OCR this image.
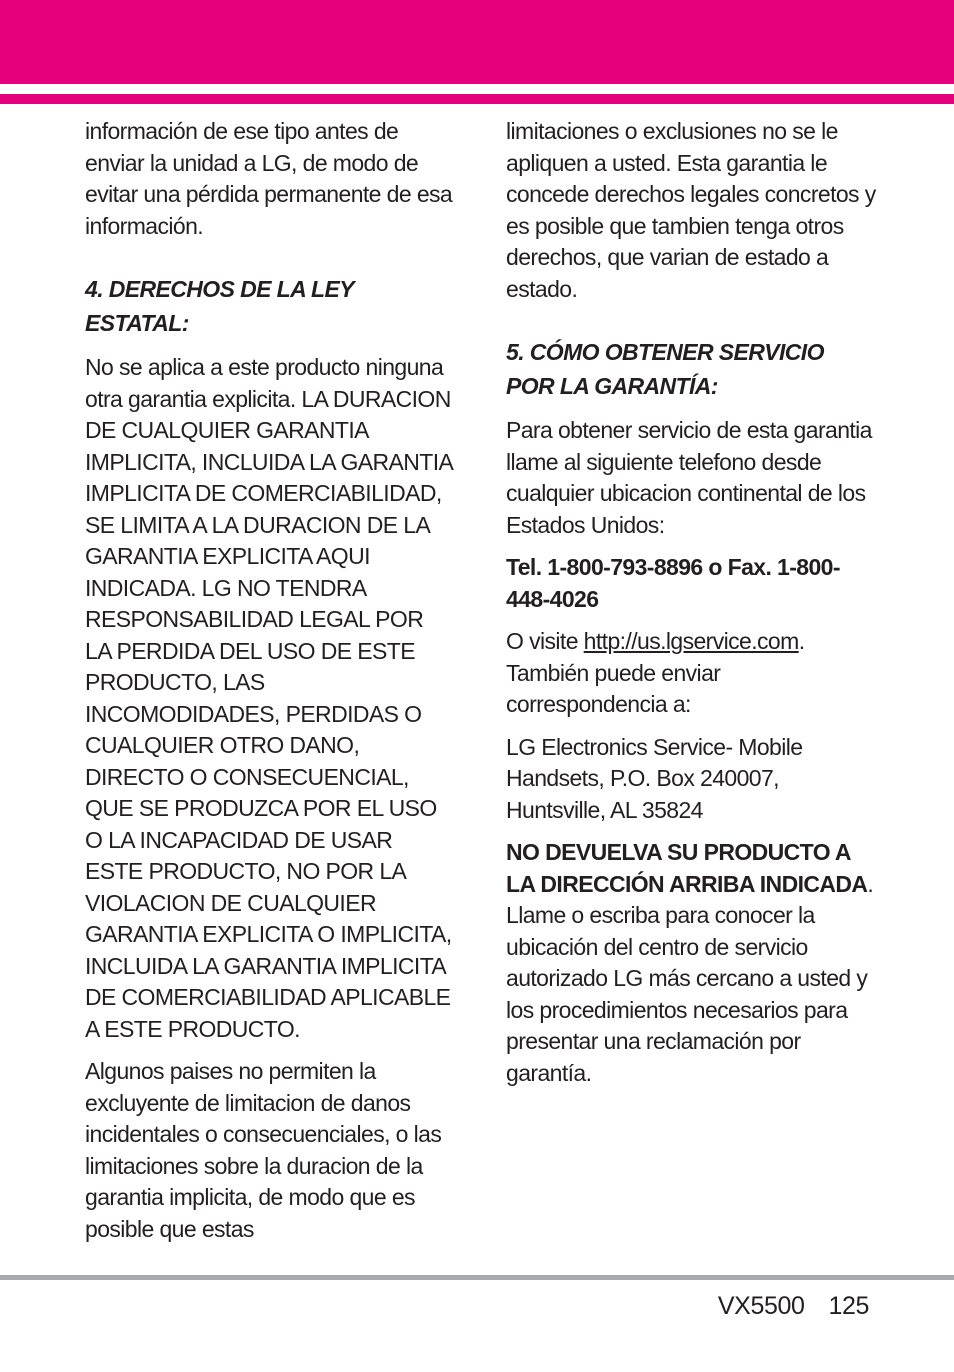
información de ese tipo antes de enviar la unidad a LG, de modo de evitar una pérdida permanente de esa información.

4. DERECHOS DE LA LEY ESTATAL:

No se aplica a este producto ninguna otra garantia explicita. LA DURACION DE CUALQUIER GARANTIA IMPLICITA, INCLUIDA LA GARANTIA IMPLICITA DE COMERCIABILIDAD, SE LIMITA A LA DURACION DE LA GARANTIA EXPLICITA AQUI INDICADA. LG NO TENDRA RESPONSABILIDAD LEGAL POR LA PERDIDA DEL USO DE ESTE PRODUCTO, LAS INCOMODIDADES, PERDIDAS O CUALQUIER OTRO DANO, DIRECTO O CONSECUENCIAL, QUE SE PRODUZCA POR EL USO O LA INCAPACIDAD DE USAR ESTE PRODUCTO, NO POR LA VIOLACION DE CUALQUIER GARANTIA EXPLICITA O IMPLICITA, INCLUIDA LA GARANTIA IMPLICITA DE COMERCIABILIDAD APLICABLE A ESTE PRODUCTO.

Algunos paises no permiten la excluyente de limitacion de danos incidentales o consecuenciales, o las limitaciones sobre la duracion de la garantia implicita, de modo que es posible que estas

limitaciones o exclusiones no se le apliquen a usted. Esta garantia le concede derechos legales concretos y es posible que tambien tenga otros derechos, que varian de estado a estado.

5. CÓMO OBTENER SERVICIO POR LA GARANTÍA:

Para obtener servicio de esta garantia llame al siguiente telefono desde cualquier ubicacion continental de los Estados Unidos:

Tel. 1-800-793-8896 o Fax. 1-800-448-4026

O visite http://us.lgservice.com. También puede enviar correspondencia a:

LG Electronics Service- Mobile Handsets, P.O. Box 240007, Huntsville, AL 35824

NO DEVUELVA SU PRODUCTO A LA DIRECCIÓN ARRIBA INDICADA. Llame o escriba para conocer la ubicación del centro de servicio autorizado LG más cercano a usted y los procedimientos necesarios para presentar una reclamación por garantía.

VX5500 125
